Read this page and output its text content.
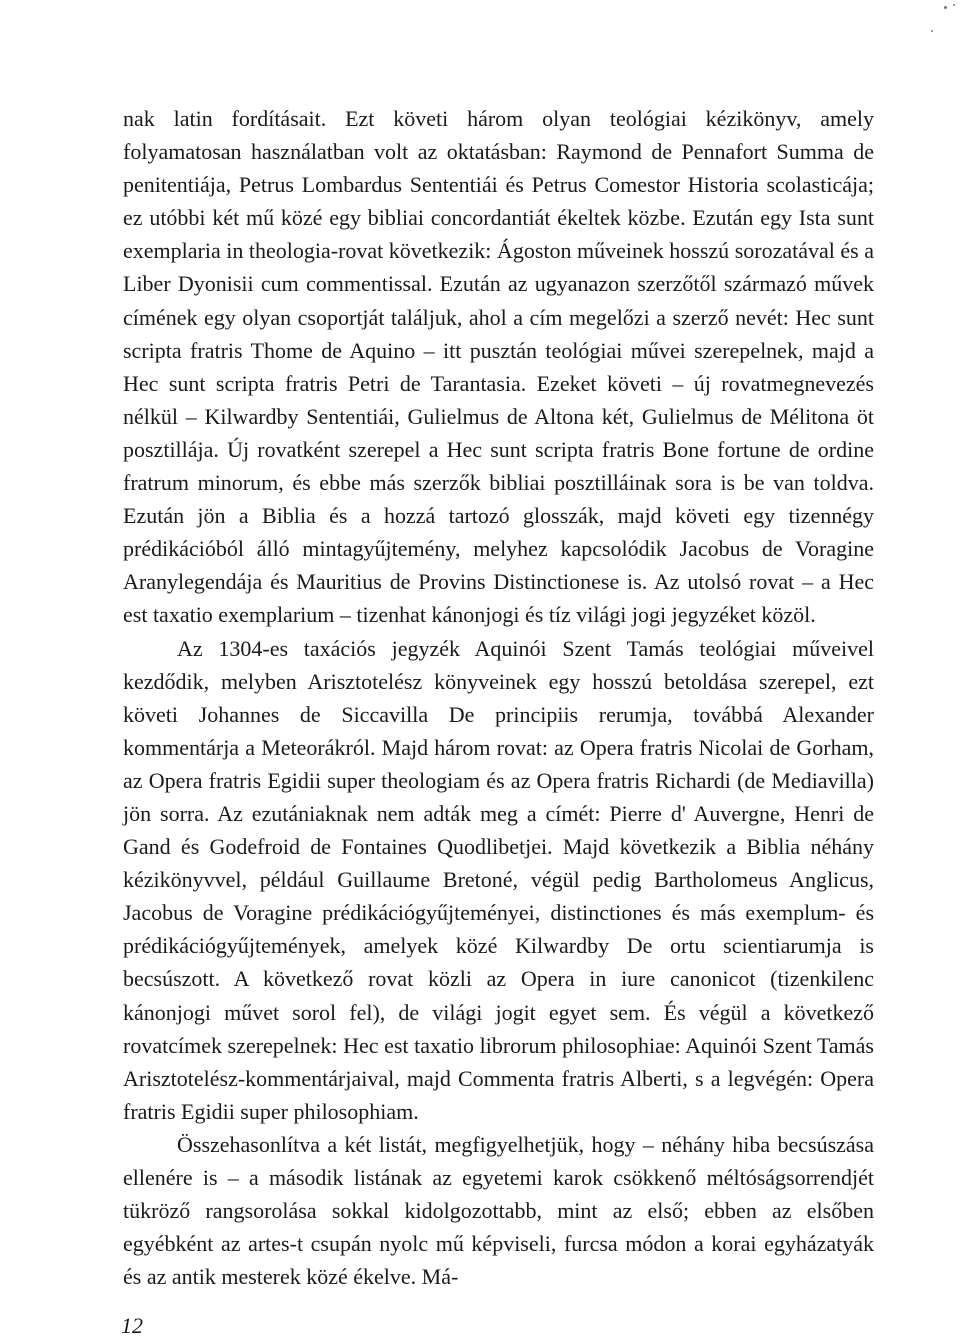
nak latin fordításait. Ezt követi három olyan teológiai kézikönyv, amely folyamatosan használatban volt az oktatásban: Raymond de Pennafort Summa de penitentiája, Petrus Lombardus Sententiái és Petrus Comestor Historia scolasticája; ez utóbbi két mű közé egy bibliai concordantiát ékeltek közbe. Ezután egy Ista sunt exemplaria in theologia-rovat következik: Ágoston műveinek hosszú sorozatával és a Liber Dyonisii cum commentissal. Ezután az ugyanazon szerzőtől származó művek címének egy olyan csoportját találjuk, ahol a cím megelőzi a szerző nevét: Hec sunt scripta fratris Thome de Aquino – itt pusztán teológiai művei szerepelnek, majd a Hec sunt scripta fratris Petri de Tarantasia. Ezeket követi – új rovatmegnevezés nélkül – Kilwardby Sententiái, Gulielmus de Altona két, Gulielmus de Mélitona öt posztillája. Új rovatként szerepel a Hec sunt scripta fratris Bone fortune de ordine fratrum minorum, és ebbe más szerzők bibliai posztilláinak sora is be van toldva. Ezután jön a Biblia és a hozzá tartozó glosszák, majd követi egy tizennégy prédikációból álló mintagyűjtemény, melyhez kapcsolódik Jacobus de Voragine Aranylegendája és Mauritius de Provins Distinctionese is. Az utolsó rovat – a Hec est taxatio exemplarium – tizenhat kánonjogi és tíz világi jogi jegyzéket közöl.

Az 1304-es taxációs jegyzék Aquinói Szent Tamás teológiai műveivel kezdődik, melyben Arisztotelész könyveinek egy hosszú betoldása szerepel, ezt követi Johannes de Siccavilla De principiis rerumja, továbbá Alexander kommentárja a Meteorákról. Majd három rovat: az Opera fratris Nicolai de Gorham, az Opera fratris Egidii super theologiam és az Opera fratris Richardi (de Mediavilla) jön sorra. Az ezutániaknak nem adták meg a címét: Pierre d' Auvergne, Henri de Gand és Godefroid de Fontaines Quodlibetjei. Majd következik a Biblia néhány kézikönyvvel, például Guillaume Bretoné, végül pedig Bartholomeus Anglicus, Jacobus de Voragine prédikációgyűjteményei, distinctiones és más exemplum- és prédikációgyűjtemények, amelyek közé Kilwardby De ortu scientiarumja is becsúszott. A következő rovat közli az Opera in iure canonicot (tizenkilenc kánonjogi művet sorol fel), de világi jogit egyet sem. És végül a következő rovatcímek szerepelnek: Hec est taxatio librorum philosophiae: Aquinói Szent Tamás Arisztotelész-kommentárjaival, majd Commenta fratris Alberti, s a legvégén: Opera fratris Egidii super philosophiam.

Összehasonlítva a két listát, megfigyelhetjük, hogy – néhány hiba becsúszása ellenére is – a második listának az egyetemi karok csökkenő méltóságsorrendjét tükröző rangsorolása sokkal kidolgozottabb, mint az első; ebben az elsőben egyébként az artes-t csupán nyolc mű képviseli, furcsa módon a korai egyházatyák és az antik mesterek közé ékelve. Má-

12
